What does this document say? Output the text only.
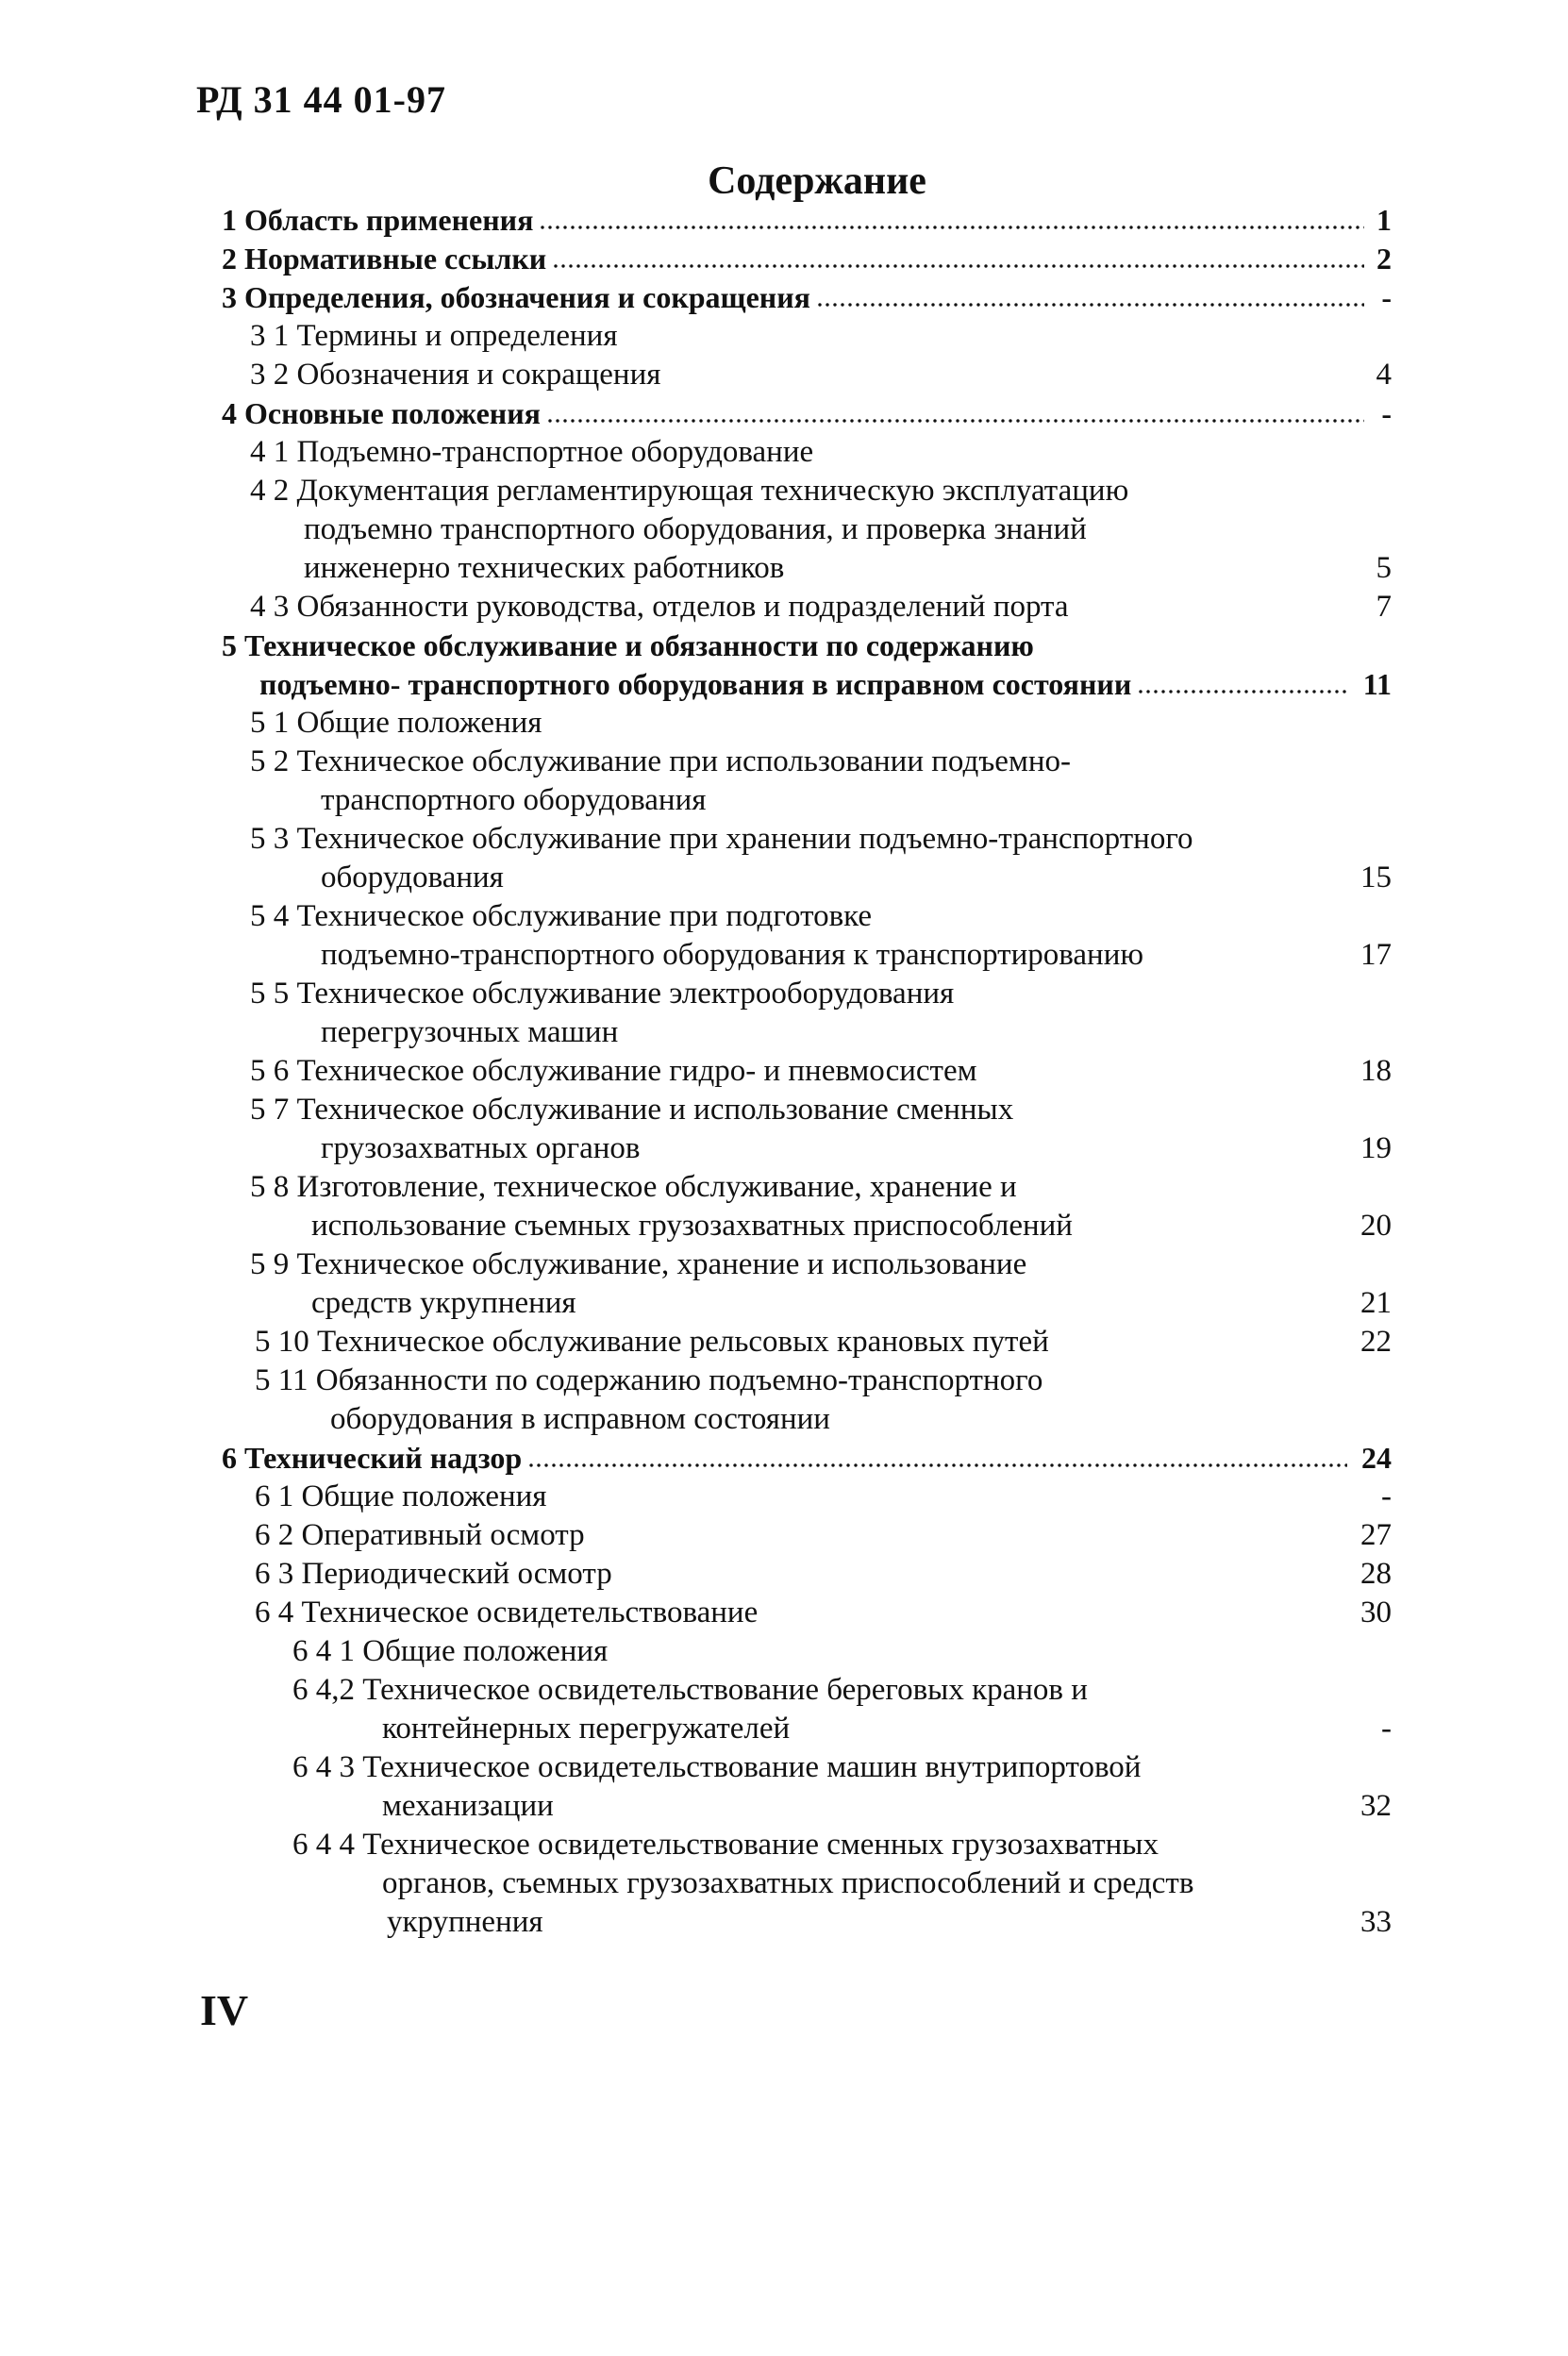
РД 31 44 01-97
Содержание
1 Область применения	1
2 Нормативные ссылки	2
3 Определения, обозначения и сокращения	-
3 1 Термины и определения
3 2 Обозначения и сокращения	4
4 Основные положения	-
4 1 Подъемно-транспортное оборудование
4 2 Документация регламентирующая техническую эксплуатацию
подъемно транспортного оборудования, и проверка знаний
инженерно технических работников	5
4 3 Обязанности руководства, отделов и подразделений порта	7
5 Техническое обслуживание и обязанности по содержанию
подъемно- транспортного оборудования в исправном состоянии	11
5 1 Общие положения
5 2 Техническое обслуживание при использовании подъемно-
транспортного оборудования
5 3 Техническое обслуживание при хранении подъемно-транспортного
оборудования	15
5 4 Техническое обслуживание при подготовке
подъемно-транспортного оборудования к транспортированию	17
5 5 Техническое обслуживание электрооборудования
перегрузочных машин
5 6 Техническое обслуживание гидро- и пневмосистем	18
5 7 Техническое обслуживание и использование сменных
грузозахватных органов	19
5 8 Изготовление, техническое обслуживание, хранение и
использование съемных грузозахватных приспособлений	20
5 9 Техническое обслуживание, хранение и использование
средств укрупнения	21
5 10 Техническое обслуживание рельсовых крановых путей	22
5 11 Обязанности по содержанию подъемно-транспортного
оборудования в исправном состоянии
6 Технический надзор	24
6 1 Общие положения	-
6 2 Оперативный осмотр	27
6 3 Периодический осмотр	28
6 4 Техническое освидетельствование	30
6 4 1 Общие положения
6 4,2 Техническое освидетельствование береговых кранов и
контейнерных перегружателей	-
6 4 3 Техническое освидетельствование машин внутрипортовой
механизации	32
6 4 4 Техническое освидетельствование сменных грузозахватных
органов, съемных грузозахватных приспособлений и средств
укрупнения	33
IV
